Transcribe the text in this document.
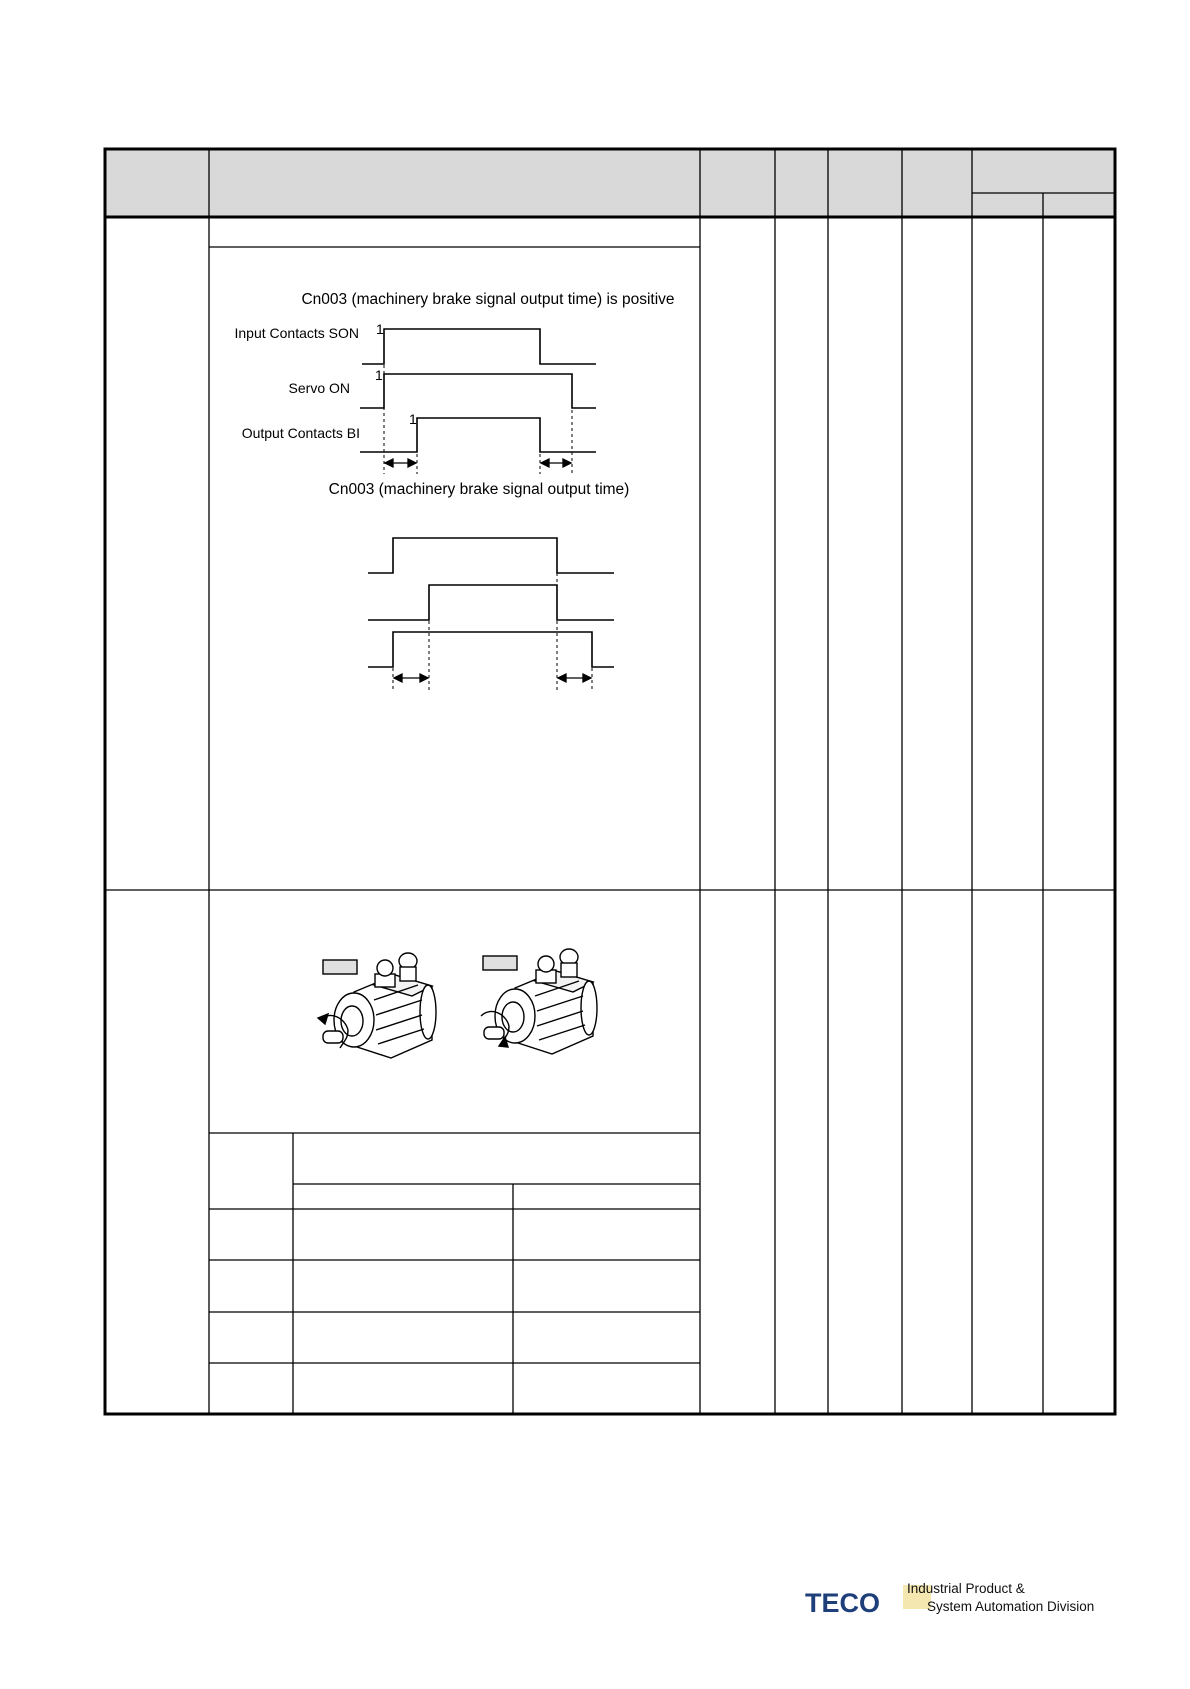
Cn003 (machinery brake signal output time) is positive
Input Contacts SON
Servo ON
Output Contacts BI
1
1
1
Cn003 (machinery brake signal output time)
TECO Industrial Product &
System Automation Division
